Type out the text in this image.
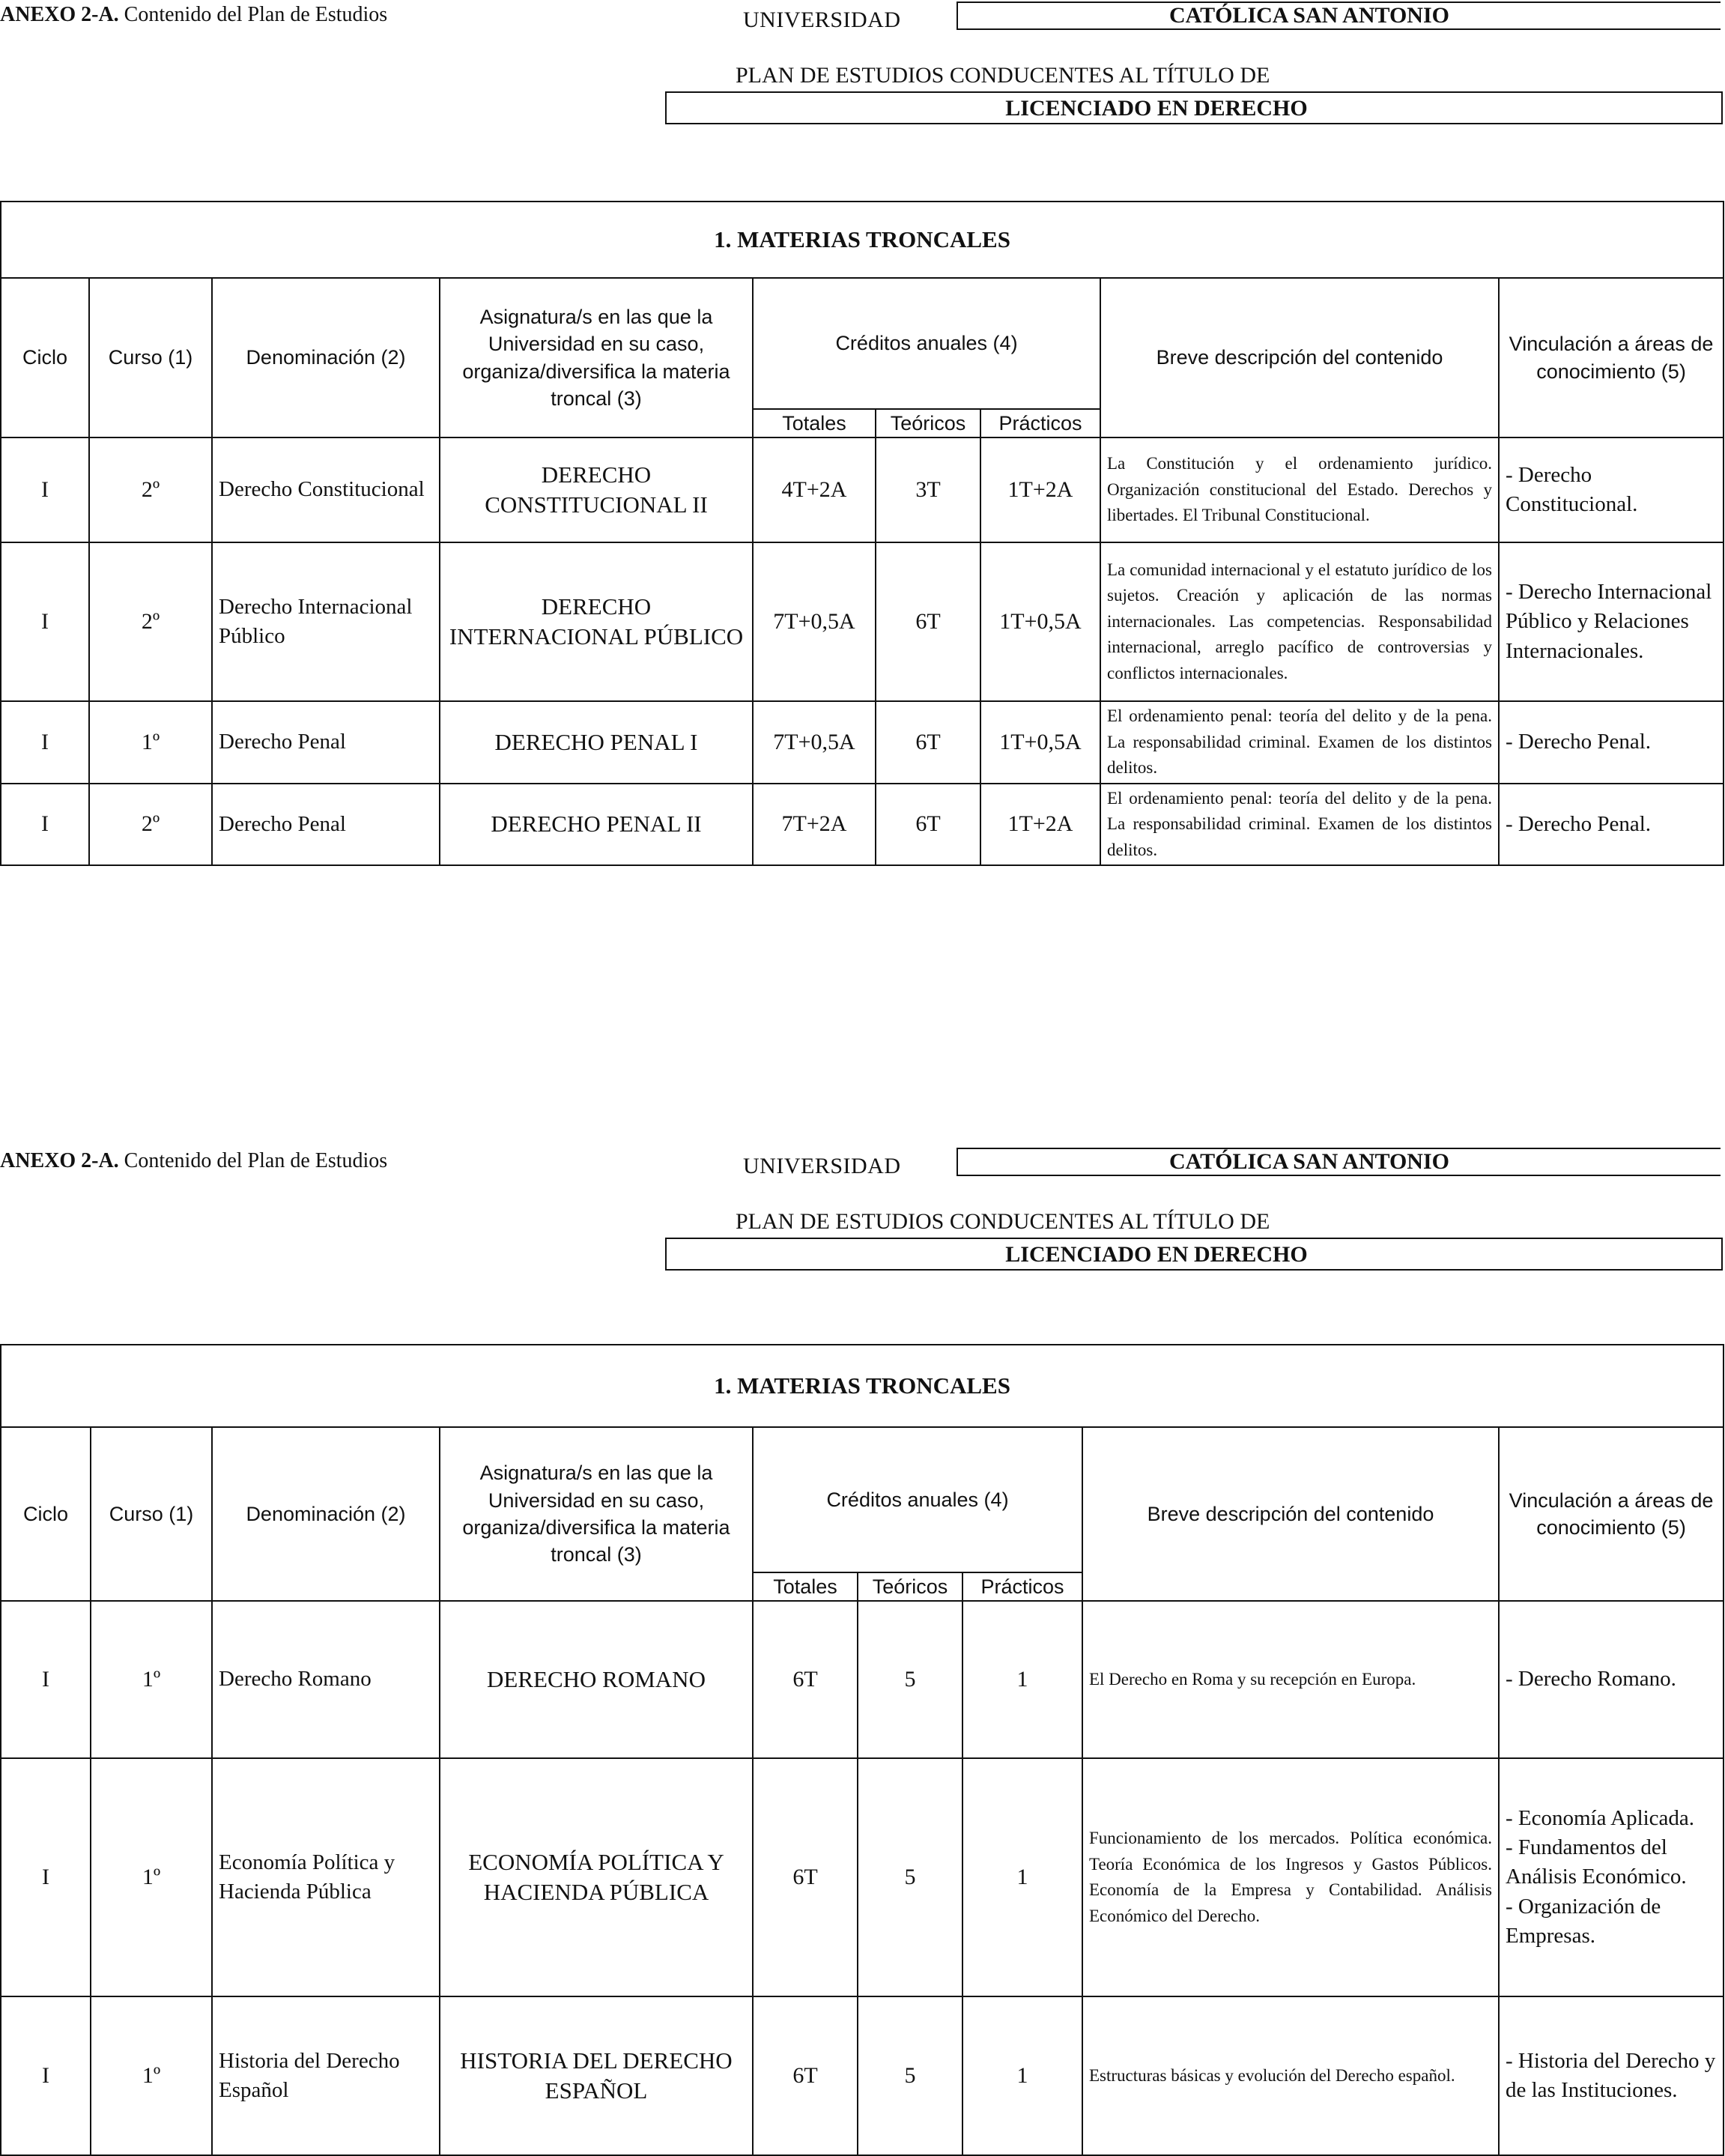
ANEXO 2-A. Contenido del Plan de Estudios	UNIVERSIDAD	CATÓLICA SAN ANTONIO
PLAN DE ESTUDIOS CONDUCENTES AL TÍTULO DE
LICENCIADO EN DERECHO
1. MATERIAS TRONCALES								
Ciclo	Curso (1)	Denominación (2)	Asignatura/s en las que la Universidad en su caso, organiza/diversifica la materia troncal (3)	Créditos anuales (4)			Breve descripción del contenido	Vinculación a áreas de conocimiento (5)
				Totales	Teóricos	Prácticos		
I	2º	Derecho Constitucional	DERECHO CONSTITUCIONAL II	4T+2A	3T	1T+2A	La Constitución y el ordenamiento jurídico. Organización constitucional del Estado. Derechos y libertades. El Tribunal Constitucional.	- Derecho Constitucional.
I	2º	Derecho Internacional Público	DERECHO INTERNACIONAL PÚBLICO	7T+0,5A	6T	1T+0,5A	La comunidad internacional y el estatuto jurídico de los sujetos. Creación y aplicación de las normas internacionales. Las competencias. Responsabilidad internacional, arreglo pacífico de controversias y conflictos internacionales.	- Derecho Internacional Público y Relaciones Internacionales.
I	1º	Derecho Penal	DERECHO PENAL I	7T+0,5A	6T	1T+0,5A	El ordenamiento penal: teoría del delito y de la pena. La responsabilidad criminal. Examen de los distintos delitos.	- Derecho Penal.
I	2º	Derecho Penal	DERECHO PENAL II	7T+2A	6T	1T+2A	El ordenamiento penal: teoría del delito y de la pena. La responsabilidad criminal. Examen de los distintos delitos.	- Derecho Penal.
ANEXO 2-A. Contenido del Plan de Estudios	UNIVERSIDAD	CATÓLICA SAN ANTONIO
PLAN DE ESTUDIOS CONDUCENTES AL TÍTULO DE
LICENCIADO EN DERECHO
1. MATERIAS TRONCALES								
Ciclo	Curso (1)	Denominación (2)	Asignatura/s en las que la Universidad en su caso, organiza/diversifica la materia troncal (3)	Créditos anuales (4)			Breve descripción del contenido	Vinculación a áreas de conocimiento (5)
				Totales	Teóricos	Prácticos		
I	1º	Derecho Romano	DERECHO ROMANO	6T	5	1	El Derecho en Roma y su recepción en Europa.	- Derecho Romano.
I	1º	Economía Política y Hacienda Pública	ECONOMÍA POLÍTICA Y HACIENDA PÚBLICA	6T	5	1	Funcionamiento de los mercados. Política económica. Teoría Económica de los Ingresos y Gastos Públicos. Economía de la Empresa y Contabilidad. Análisis Económico del Derecho.	- Economía Aplicada.
- Fundamentos del Análisis Económico.
- Organización de Empresas.
I	1º	Historia del Derecho Español	HISTORIA DEL DERECHO ESPAÑOL	6T	5	1	Estructuras básicas y evolución del Derecho español.	- Historia del Derecho y de las Instituciones.
